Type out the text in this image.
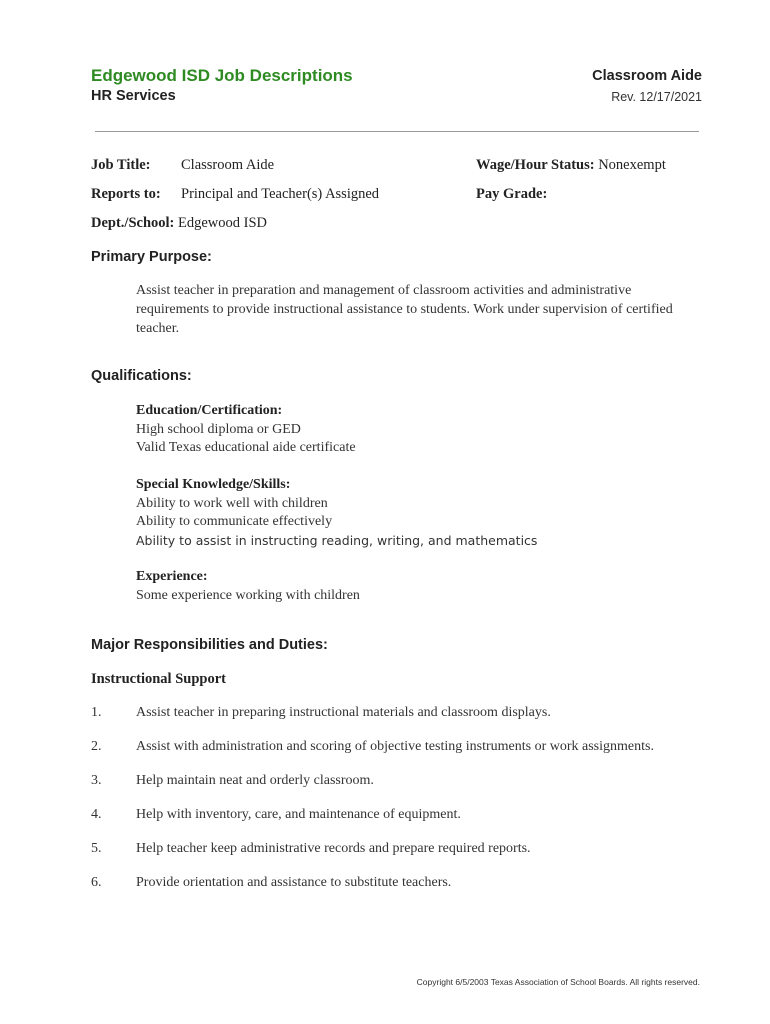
Edgewood ISD Job Descriptions
HR Services
Classroom Aide
Rev. 12/17/2021
Job Title: Classroom Aide
Reports to: Principal and Teacher(s) Assigned
Dept./School: Edgewood ISD
Wage/Hour Status: Nonexempt
Pay Grade:
Primary Purpose:
Assist teacher in preparation and management of classroom activities and administrative requirements to provide instructional assistance to students. Work under supervision of certified teacher.
Qualifications:
Education/Certification:
High school diploma or GED
Valid Texas educational aide certificate
Special Knowledge/Skills:
Ability to work well with children
Ability to communicate effectively
Ability to assist in instructing reading, writing, and mathematics
Experience:
Some experience working with children
Major Responsibilities and Duties:
Instructional Support
1. Assist teacher in preparing instructional materials and classroom displays.
2. Assist with administration and scoring of objective testing instruments or work assignments.
3. Help maintain neat and orderly classroom.
4. Help with inventory, care, and maintenance of equipment.
5. Help teacher keep administrative records and prepare required reports.
6. Provide orientation and assistance to substitute teachers.
Copyright 6/5/2003 Texas Association of School Boards. All rights reserved.
